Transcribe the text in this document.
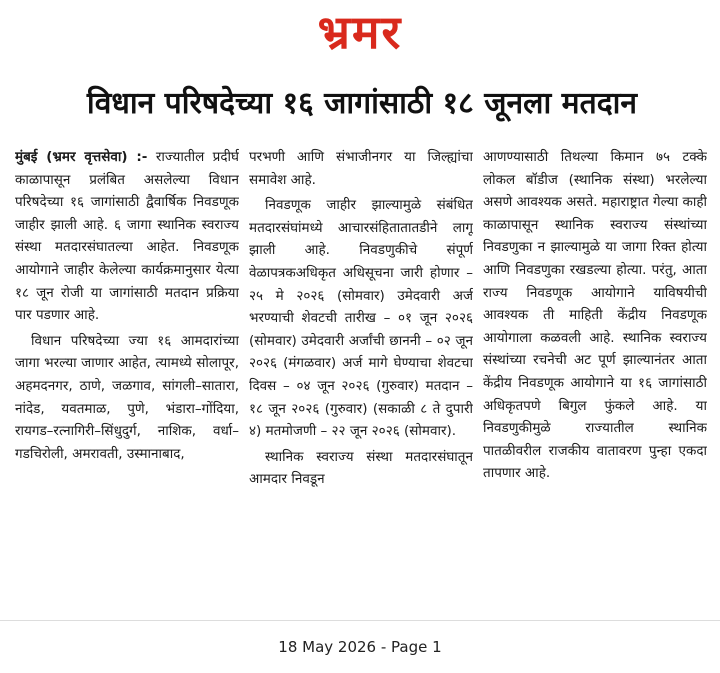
भ्रमर
विधान परिषदेच्या १६ जागांसाठी १८ जूनला मतदान

मुंबई (भ्रमर वृत्तसेवा) :- राज्यातील प्रदीर्घ काळापासून प्रलंबित असलेल्या विधान परिषदेच्या १६ जागांसाठी द्वैवार्षिक निवडणूक जाहीर झाली आहे. ६ जागा स्थानिक स्वराज्य संस्था मतदारसंघातल्या आहेत. निवडणूक आयोगाने जाहीर केलेल्या कार्यक्रमानुसार येत्या १८ जून रोजी या जागांसाठी मतदान प्रक्रिया पार पडणार आहे.

विधान परिषदेच्या ज्या १६ आमदारांच्या जागा भरल्या जाणार आहेत, त्यामध्ये सोलापूर, अहमदनगर, ठाणे, जळगाव, सांगली–सातारा, नांदेड, यवतमाळ, पुणे, भंडारा–गोंदिया, रायगड–रत्नागिरी–सिंधुदुर्ग, नाशिक, वर्धा–गडचिरोली, अमरावती, उस्मानाबाद,

परभणी आणि संभाजीनगर या जिल्ह्यांचा समावेश आहे.

निवडणूक जाहीर झाल्यामुळे संबंधित मतदारसंघांमध्ये आचारसंहितातातडीने लागू झाली आहे. निवडणुकीचे संपूर्ण वेळापत्रकअधिकृत अधिसूचना जारी होणार – २५ मे २०२६ (सोमवार) उमेदवारी अर्ज भरण्याची शेवटची तारीख – ०१ जून २०२६ (सोमवार) उमेदवारी अर्जांची छाननी – ०२ जून २०२६ (मंगळवार) अर्ज मागे घेण्याचा शेवटचा दिवस – ०४ जून २०२६ (गुरुवार) मतदान – १८ जून २०२६ (गुरुवार) (सकाळी ८ ते दुपारी ४) मतमोजणी – २२ जून २०२६ (सोमवार).

स्थानिक स्वराज्य संस्था मतदारसंघातून आमदार निवडून

आणण्यासाठी तिथल्या किमान ७५ टक्के लोकल बॉडीज (स्थानिक संस्था) भरलेल्या असणे आवश्यक असते. महाराष्ट्रात गेल्या काही काळापासून स्थानिक स्वराज्य संस्थांच्या निवडणुका न झाल्यामुळे या जागा रिक्त होत्या आणि निवडणुका रखडल्या होत्या. परंतु, आता राज्य निवडणूक आयोगाने याविषयीची आवश्यक ती माहिती केंद्रीय निवडणूक आयोगाला कळवली आहे. स्थानिक स्वराज्य संस्थांच्या रचनेची अट पूर्ण झाल्यानंतर आता केंद्रीय निवडणूक आयोगाने या १६ जागांसाठी अधिकृतपणे बिगुल फुंकले आहे. या निवडणुकीमुळे राज्यातील स्थानिक पातळीवरील राजकीय वातावरण पुन्हा एकदा तापणार आहे.

18 May 2026 - Page 1
